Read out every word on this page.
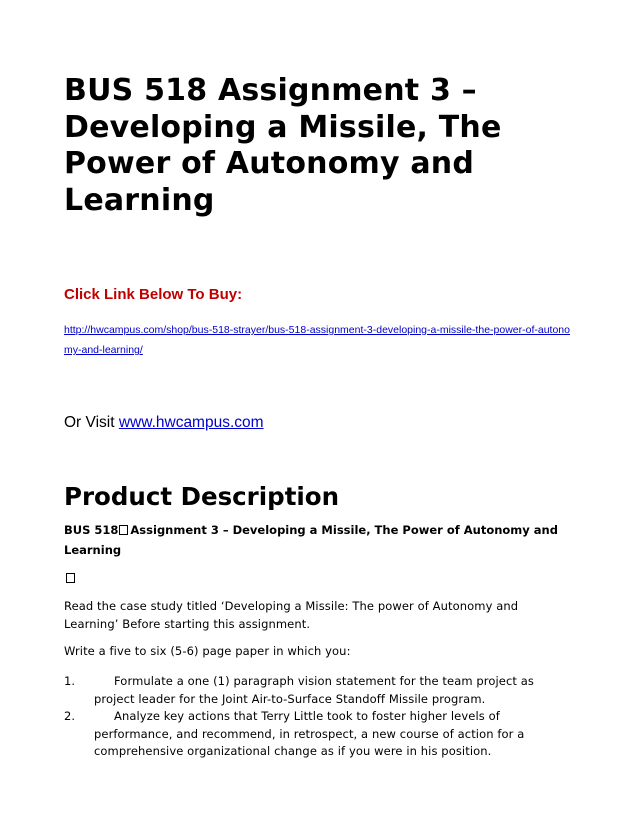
BUS 518 Assignment 3 – Developing a Missile, The Power of Autonomy and Learning
Click Link Below To Buy:
http://hwcampus.com/shop/bus-518-strayer/bus-518-assignment-3-developing-a-missile-the-power-of-autonomy-and-learning/
Or Visit www.hwcampus.com
Product Description
BUS 518 Assignment 3 – Developing a Missile, The Power of Autonomy and Learning
Read the case study titled ‘Developing a Missile: The power of Autonomy and Learning’ Before starting this assignment.
Write a five to six (5-6) page paper in which you:
1.	Formulate a one (1) paragraph vision statement for the team project as project leader for the Joint Air-to-Surface Standoff Missile program.
2.	Analyze key actions that Terry Little took to foster higher levels of performance, and recommend, in retrospect, a new course of action for a comprehensive organizational change as if you were in his position.
